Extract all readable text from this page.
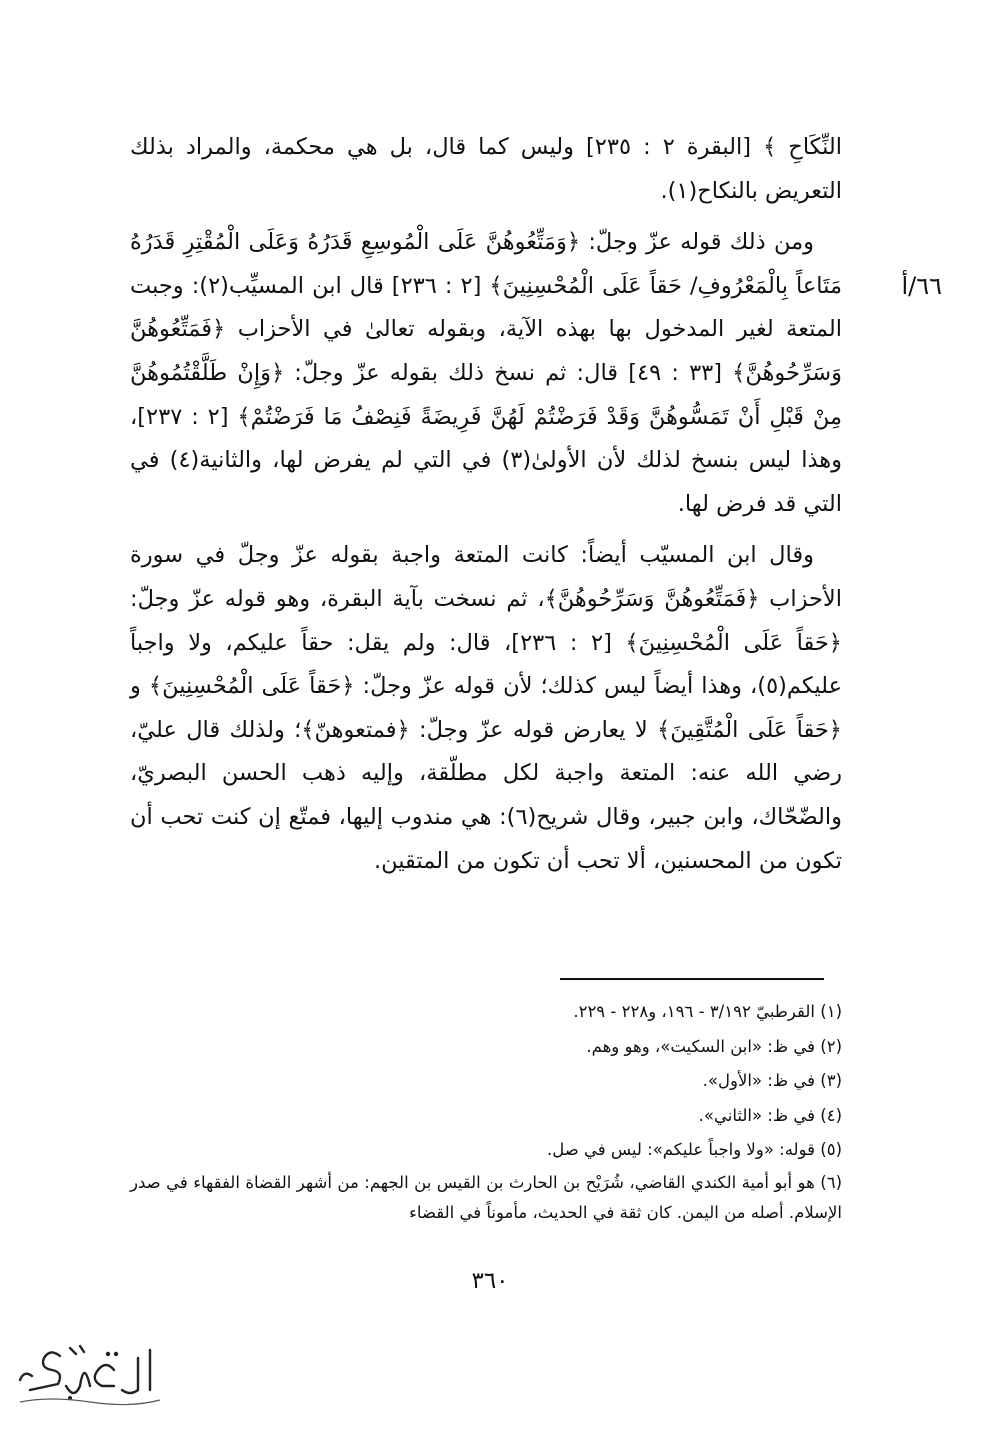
النِّكَاحِ ﴾ [البقرة ٢ : ٢٣٥] وليس كما قال، بل هي محكمة، والمراد بذلك التعريض بالنكاح(١).

ومن ذلك قوله عزّ وجلّ: ﴿وَمَتِّعُوهُنَّ عَلَى الْمُوسِعِ قَدَرُهُ وَعَلَى الْمُقْتِرِ قَدَرُهُ مَتَاعاً بِالْمَعْرُوفِ/ حَقاً عَلَى الْمُحْسِنِينَ﴾ [٢ : ٢٣٦] قال ابن المسيِّب(٢): وجبت المتعة لغير المدخول بها بهذه الآية، وبقوله تعالىٰ في الأحزاب ﴿فَمَتِّعُوهُنَّ وَسَرِّحُوهُنَّ﴾ [٣٣ : ٤٩] قال: ثم نسخ ذلك بقوله عزّ وجلّ: ﴿وَإِنْ طَلَّقْتُمُوهُنَّ مِنْ قَبْلِ أَنْ تَمَسُّوهُنَّ وَقَدْ فَرَضْتُمْ لَهُنَّ فَرِيضَةً فَنِصْفُ مَا فَرَضْتُمْ﴾ [٢ : ٢٣٧]، وهذا ليس بنسخ لذلك لأن الأولىٰ(٣) في التي لم يفرض لها، والثانية(٤) في التي قد فرض لها.

وقال ابن المسيّب أيضاً: كانت المتعة واجبة بقوله عزّ وجلّ في سورة الأحزاب ﴿فَمَتِّعُوهُنَّ وَسَرِّحُوهُنَّ﴾، ثم نسخت بآية البقرة، وهو قوله عزّ وجلّ: ﴿حَقاً عَلَى الْمُحْسِنِينَ﴾ [٢ : ٢٣٦]، قال: ولم يقل: حقاً عليكم، ولا واجباً عليكم(٥)، وهذا أيضاً ليس كذلك؛ لأن قوله عزّ وجلّ: ﴿حَقاً عَلَى الْمُحْسِنِينَ﴾ و ﴿حَقاً عَلَى الْمُتَّقِينَ﴾ لا يعارض قوله عزّ وجلّ: ﴿فمتعوهنّ﴾؛ ولذلك قال عليّ، رضي الله عنه: المتعة واجبة لكل مطلّقة، وإليه ذهب الحسن البصريّ، والضّحّاك، وابن جبير، وقال شريح(٦): هي مندوب إليها، فمتّع إن كنت تحب أن تكون من المحسنين، ألا تحب أن تكون من المتقين.

٦٦/أ

(١) القرطبيّ ٣/١٩٢ - ١٩٦، و٢٢٨ - ٢٢٩.

(٢) في ظ: «ابن السكيت»، وهو وهم.

(٣) في ظ: «الأول».

(٤) في ظ: «الثاني».

(٥) قوله: «ولا واجباً عليكم»: ليس في صل.

(٦) هو أبو أمية الكندي القاضي، شُرَيْح بن الحارث بن القيس بن الجهم: من أشهر القضاة الفقهاء في صدر الإسلام. أصله من اليمن. كان ثقة في الحديث، مأموناً في القضاء

٣٦٠
